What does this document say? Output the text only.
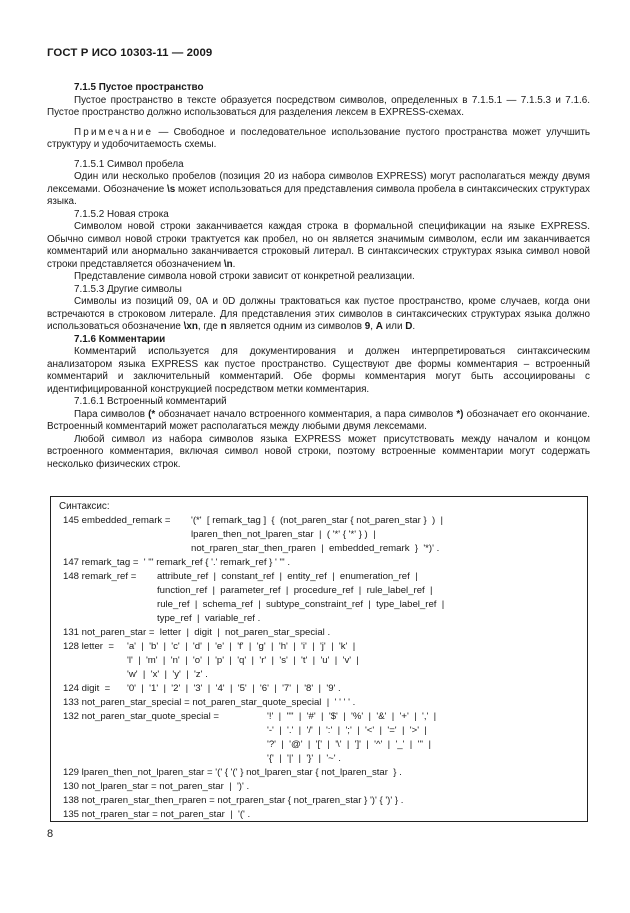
ГОСТ Р ИСО 10303-11 — 2009

7.1.5 Пустое пространство

Пустое пространство в тексте образуется посредством символов, определенных в 7.1.5.1 — 7.1.5.3 и 7.1.6. Пустое пространство должно использоваться для разделения лексем в EXPRESS-схемах.

Примечание — Свободное и последовательное использование пустого пространства может улучшить структуру и удобочитаемость схемы.

7.1.5.1 Символ пробела

Один или несколько пробелов (позиция 20 из набора символов EXPRESS) могут располагаться между двумя лексемами. Обозначение \s может использоваться для представления символа пробела в синтаксических структурах языка.

7.1.5.2 Новая строка

Символом новой строки заканчивается каждая строка в формальной спецификации на языке EXPRESS. Обычно символ новой строки трактуется как пробел, но он является значимым символом, если им заканчивается комментарий или анормально заканчивается строковый литерал. В синтаксических структурах языка символ новой строки представляется обозначением \n.

Представление символа новой строки зависит от конкретной реализации.

7.1.5.3 Другие символы

Символы из позиций 09, 0А и 0D должны трактоваться как пустое пространство, кроме случаев, когда они встречаются в строковом литерале. Для представления этих символов в синтаксических структурах языка должно использоваться обозначение \xn, где n является одним из символов 9, А или D.

7.1.6 Комментарии

Комментарий используется для документирования и должен интерпретироваться синтаксическим анализатором языка EXPRESS как пустое пространство. Существуют две формы комментария – встроенный комментарий и заключительный комментарий. Обе формы комментария могут быть ассоциированы с идентифицированной конструкцией посредством метки комментария.

7.1.6.1 Встроенный комментарий

Пара символов (* обозначает начало встроенного комментария, а пара символов *) обозначает его окончание. Встроенный комментарий может располагаться между любыми двумя лексемами.

Любой символ из набора символов языка EXPRESS может присутствовать между началом и концом встроенного комментария, включая символ новой строки, поэтому встроенные комментарии могут содержать несколько физических строк.

Синтаксис:
145 embedded_remark = '(*'  [ remark_tag ]  {  (not_paren_star { not_paren_star }  )  |
lparen_then_not_lparen_star  |  ( '*' { '*' } )  |
not_rparen_star_then_rparen  |  embedded_remark  }  '*)' .
147 remark_tag =  ' "' remark_ref { '.' remark_ref } ' "' .
148 remark_ref = attribute_ref  |  constant_ref  |  entity_ref  |  enumeration_ref  |
function_ref  |  parameter_ref  |  procedure_ref  |  rule_label_ref  |
rule_ref  |  schema_ref  |  subtype_constraint_ref  |  type_label_ref  |
type_ref  |  variable_ref .
131 not_paren_star =  letter  |  digit  |  not_paren_star_special .
128 letter  = 'a'  |  'b'  |  'c'  |  'd'  |  'e'  |  'f'  |  'g'  |  'h'  |  'i'  |  'j'  |  'k'  |
'l'  |  'm'  |  'n'  |  'o'  |  'p'  |  'q'  |  'r'  |  's'  |  't'  |  'u'  |  'v'  |
'w'  |  'x'  |  'y'  |  'z' .
124 digit  = '0'  |  '1'  |  '2'  |  '3'  |  '4'  |  '5'  |  '6'  |  '7'  |  '8'  |  '9' .
133 not_paren_star_special = not_paren_star_quote_special  |  ' ' ' ' .
132 not_paren_star_quote_special =	'!'  |  '"'  |  '#'  |  '$'  |  '%'  |  '&'  |  '+'  |  ','  |
'-'  |  '.'  |  '/'  |  ':'  |  ';'  |  '<'  |  '='  |  '>'  |
'?'  |  '@'  |  '['  |  '\'  |  ']'  |  '^'  |  '_'  |  '''  |
'{'  |  '|'  |  '}'  |  '~' .
129 lparen_then_not_lparen_star = '(' { '(' } not_lparen_star { not_lparen_star  } .
130 not_lparen_star = not_paren_star  |  ')' .
138 not_rparen_star_then_rparen = not_rparen_star { not_rparen_star } ')' { ')' } .
135 not_rparen_star = not_paren_star  |  '(' .
8
